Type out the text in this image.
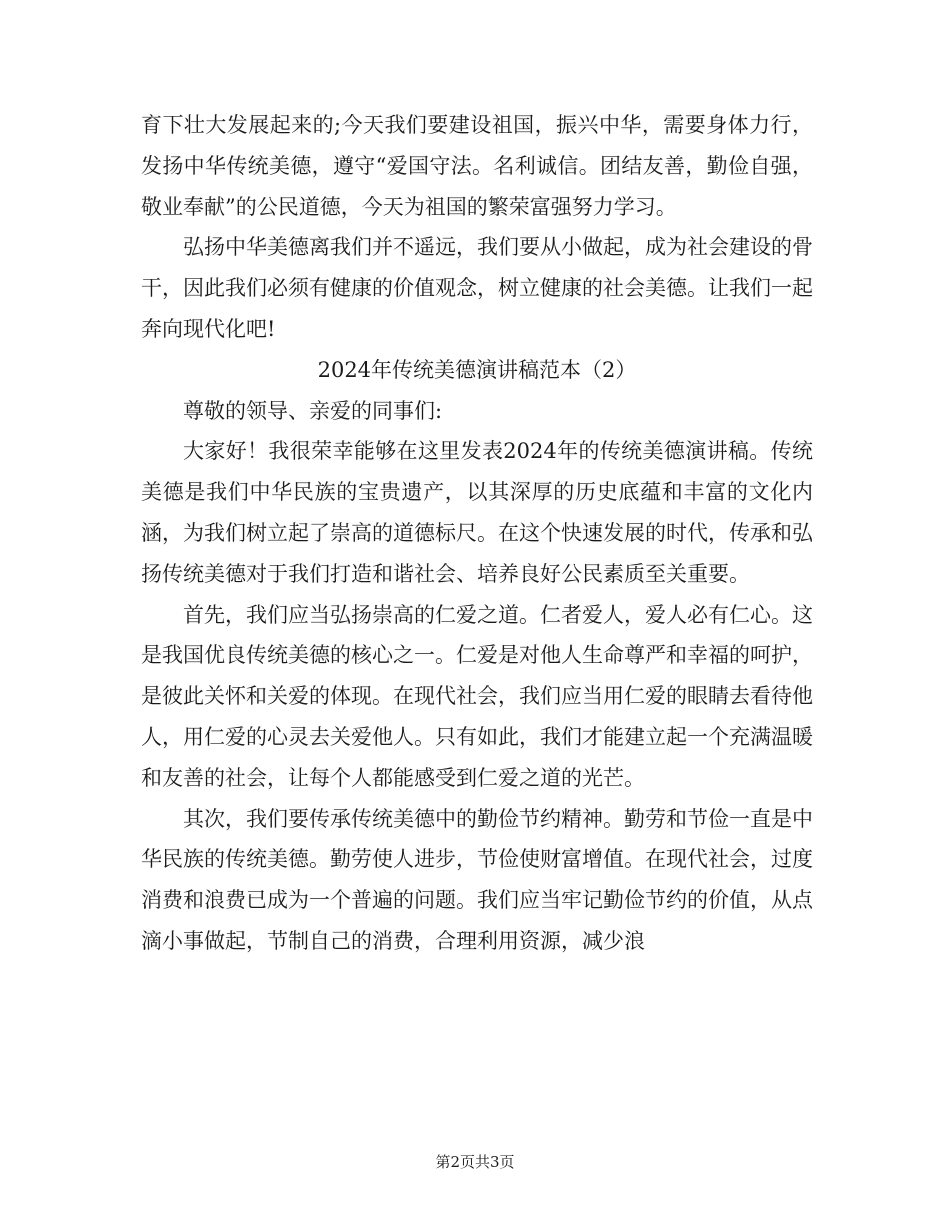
育下壮大发展起来的;今天我们要建设祖国，振兴中华，需要身体力行，发扬中华传统美德，遵守“爱国守法。名利诚信。团结友善，勤俭自强，敬业奉献”的公民道德，今天为祖国的繁荣富强努力学习。

弘扬中华美德离我们并不遥远，我们要从小做起，成为社会建设的骨干，因此我们必须有健康的价值观念，树立健康的社会美德。让我们一起奔向现代化吧!

2024年传统美德演讲稿范本（2）

尊敬的领导、亲爱的同事们:

大家好！我很荣幸能够在这里发表2024年的传统美德演讲稿。传统美德是我们中华民族的宝贵遗产，以其深厚的历史底蕴和丰富的文化内涵，为我们树立起了崇高的道德标尺。在这个快速发展的时代，传承和弘扬传统美德对于我们打造和谐社会、培养良好公民素质至关重要。

首先，我们应当弘扬崇高的仁爱之道。仁者爱人，爱人必有仁心。这是我国优良传统美德的核心之一。仁爱是对他人生命尊严和幸福的呵护，是彼此关怀和关爱的体现。在现代社会，我们应当用仁爱的眼睛去看待他人，用仁爱的心灵去关爱他人。只有如此，我们才能建立起一个充满温暖和友善的社会，让每个人都能感受到仁爱之道的光芒。

其次，我们要传承传统美德中的勤俭节约精神。勤劳和节俭一直是中华民族的传统美德。勤劳使人进步，节俭使财富增值。在现代社会，过度消费和浪费已成为一个普遍的问题。我们应当牢记勤俭节约的价值，从点滴小事做起，节制自己的消费，合理利用资源，减少浪

第2页共3页
